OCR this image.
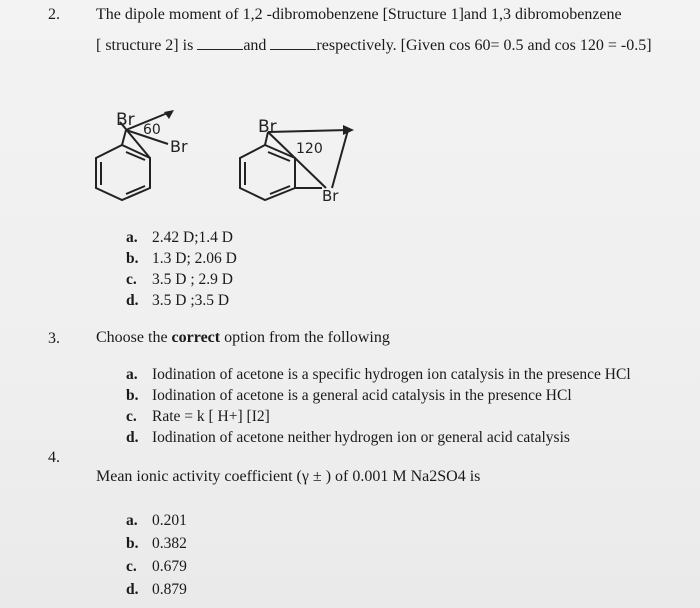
2. The dipole moment of 1,2 -dibromobenzene [Structure 1]and 1,3 dibromobenzene
[ structure 2] is	and	respectively. [Given cos 60= 0.5 and cos 120 = -0.5]
Br
Br
60	Br
Br
120
a. 2.42 D;1.4 D
b. 1.3 D; 2.06 D
c. 3.5 D ; 2.9 D
d. 3.5 D ;3.5 D
3. Choose the correct option from the following
a. Iodination of acetone is a specific hydrogen ion catalysis in the presence HCl
b. Iodination of acetone is a general acid catalysis in the presence HCl
c. Rate = k [ H+] [I2]
d. Iodination of acetone neither hydrogen ion or general acid catalysis
4.
Mean ionic activity coefficient (γ ± ) of 0.001 M Na2SO4 is
a. 0.201
b. 0.382
c. 0.679
d. 0.879
